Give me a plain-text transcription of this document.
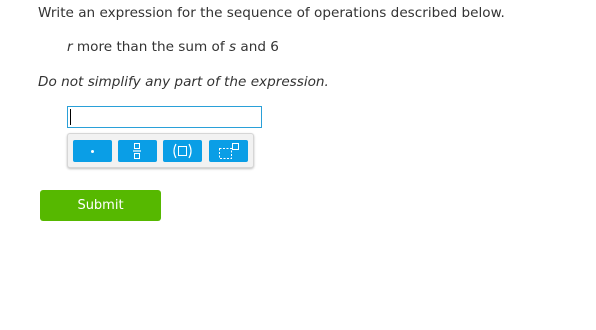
Write an expression for the sequence of operations described below.

r more than the sum of s and 6
Do not simplify any part of the expression.
Submit
